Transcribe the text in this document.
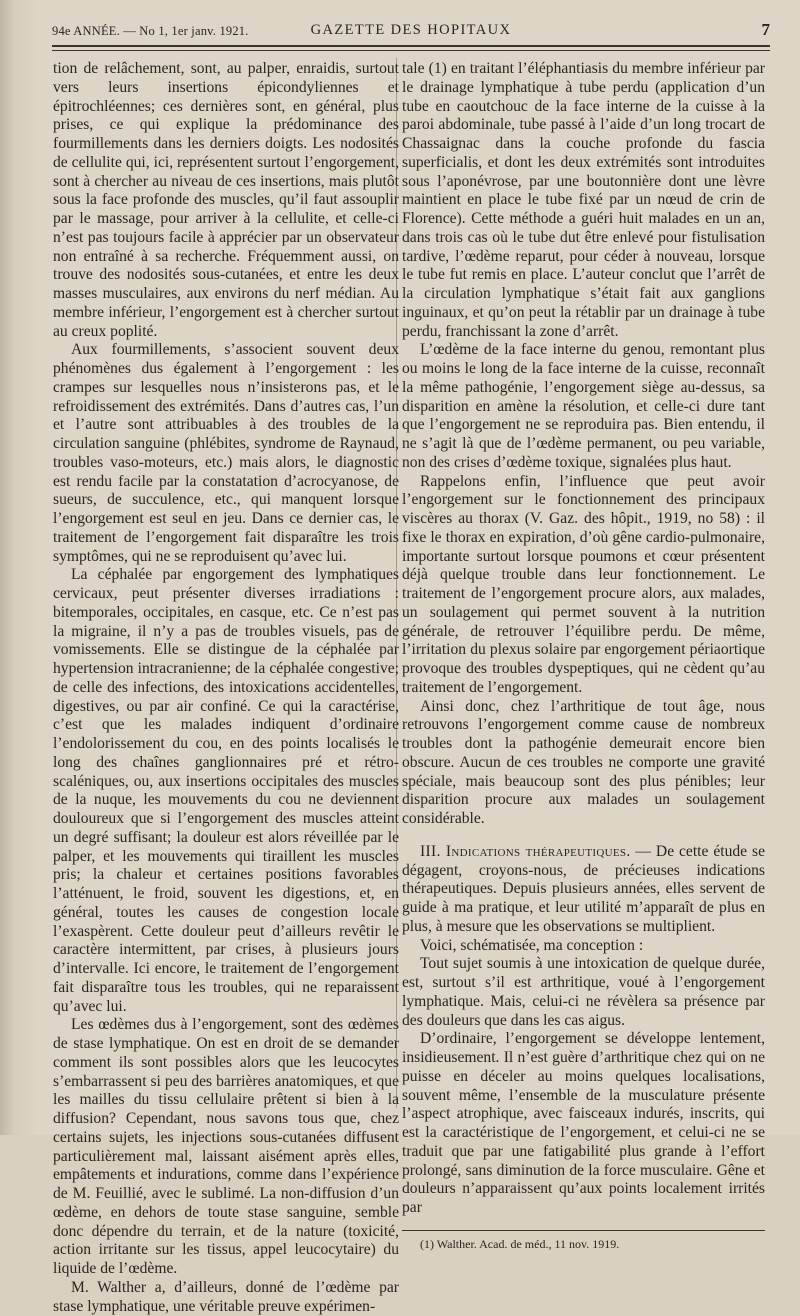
94e ANNÉE. — No 1, 1er janv. 1921.	GAZETTE DES HOPITAUX	7

tion de relâchement, sont, au palper, enraidis, surtout vers leurs insertions épicondyliennes et épitrochléennes; ces dernières sont, en général, plus prises, ce qui explique la prédominance des fourmillements dans les derniers doigts. Les nodosités de cellulite qui, ici, représentent surtout l’engorgement, sont à chercher au niveau de ces insertions, mais plutôt sous la face profonde des muscles, qu’il faut assouplir par le massage, pour arriver à la cellulite, et celle-ci n’est pas toujours facile à apprécier par un observateur non entraîné à sa recherche. Fréquemment aussi, on trouve des nodosités sous-cutanées, et entre les deux masses musculaires, aux environs du nerf médian. Au membre inférieur, l’engorgement est à chercher surtout au creux poplité.

Aux fourmillements, s’associent souvent deux phénomènes dus également à l’engorgement : les crampes sur lesquelles nous n’insisterons pas, et le refroidissement des extrémités. Dans d’autres cas, l’un et l’autre sont attribuables à des troubles de la circulation sanguine (phlébites, syndrome de Raynaud, troubles vaso-moteurs, etc.) mais alors, le diagnostic est rendu facile par la constatation d’acrocyanose, de sueurs, de succulence, etc., qui manquent lorsque l’engorgement est seul en jeu. Dans ce dernier cas, le traitement de l’engorgement fait disparaître les trois symptômes, qui ne se reproduisent qu’avec lui.

La céphalée par engorgement des lymphatiques cervicaux, peut présenter diverses irradiations : bitemporales, occipitales, en casque, etc. Ce n’est pas la migraine, il n’y a pas de troubles visuels, pas de vomissements. Elle se distingue de la céphalée par hypertension intracranienne; de la céphalée congestive; de celle des infections, des intoxications accidentelles, digestives, ou par air confiné. Ce qui la caractérise, c’est que les malades indiquent d’ordinaire l’endolorissement du cou, en des points localisés le long des chaînes ganglionnaires pré et rétro-scaléniques, ou, aux insertions occipitales des muscles de la nuque, les mouvements du cou ne deviennent douloureux que si l’engorgement des muscles atteint un degré suffisant; la douleur est alors réveillée par le palper, et les mouvements qui tiraillent les muscles pris; la chaleur et certaines positions favorables l’atténuent, le froid, souvent les digestions, et, en général, toutes les causes de congestion locale l’exaspèrent. Cette douleur peut d’ailleurs revêtir le caractère intermittent, par crises, à plusieurs jours d’intervalle. Ici encore, le traitement de l’engorgement fait disparaître tous les troubles, qui ne reparaissent qu’avec lui.

Les œdèmes dus à l’engorgement, sont des œdèmes de stase lymphatique. On est en droit de se demander comment ils sont possibles alors que les leucocytes s’embarrassent si peu des barrières anatomiques, et que les mailles du tissu cellulaire prêtent si bien à la diffusion? Cependant, nous savons tous que, chez certains sujets, les injections sous-cutanées diffusent particulièrement mal, laissant aisément après elles, empâtements et indurations, comme dans l’expérience de M. Feuillié, avec le sublimé. La non-diffusion d’un œdème, en dehors de toute stase sanguine, semble donc dépendre du terrain, et de la nature (toxicité, action irritante sur les tissus, appel leucocytaire) du liquide de l’œdème.

M. Walther a, d’ailleurs, donné de l’œdème par stase lymphatique, une véritable preuve expérimen-

tale (1) en traitant l’éléphantiasis du membre inférieur par le drainage lymphatique à tube perdu (application d’un tube en caoutchouc de la face interne de la cuisse à la paroi abdominale, tube passé à l’aide d’un long trocart de Chassaignac dans la couche profonde du fascia superficialis, et dont les deux extrémités sont introduites sous l’aponévrose, par une boutonnière dont une lèvre maintient en place le tube fixé par un nœud de crin de Florence). Cette méthode a guéri huit malades en un an, dans trois cas où le tube dut être enlevé pour fistulisation tardive, l’œdème reparut, pour céder à nouveau, lorsque le tube fut remis en place. L’auteur conclut que l’arrêt de la circulation lymphatique s’était fait aux ganglions inguinaux, et qu’on peut la rétablir par un drainage à tube perdu, franchissant la zone d’arrêt.

L’œdème de la face interne du genou, remontant plus ou moins le long de la face interne de la cuisse, reconnaît la même pathogénie, l’engorgement siège au-dessus, sa disparition en amène la résolution, et celle-ci dure tant que l’engorgement ne se reproduira pas. Bien entendu, il ne s’agit là que de l’œdème permanent, ou peu variable, non des crises d’œdème toxique, signalées plus haut.

Rappelons enfin, l’influence que peut avoir l’engorgement sur le fonctionnement des principaux viscères au thorax (V. Gaz. des hôpit., 1919, no 58) : il fixe le thorax en expiration, d’où gêne cardio-pulmonaire, importante surtout lorsque poumons et cœur présentent déjà quelque trouble dans leur fonctionnement. Le traitement de l’engorgement procure alors, aux malades, un soulagement qui permet souvent à la nutrition générale, de retrouver l’équilibre perdu. De même, l’irritation du plexus solaire par engorgement périaortique provoque des troubles dyspeptiques, qui ne cèdent qu’au traitement de l’engorgement.

Ainsi donc, chez l’arthritique de tout âge, nous retrouvons l’engorgement comme cause de nombreux troubles dont la pathogénie demeurait encore bien obscure. Aucun de ces troubles ne comporte une gravité spéciale, mais beaucoup sont des plus pénibles; leur disparition procure aux malades un soulagement considérable.

III. Indications thérapeutiques. — De cette étude se dégagent, croyons-nous, de précieuses indications thérapeutiques. Depuis plusieurs années, elles servent de guide à ma pratique, et leur utilité m’apparaît de plus en plus, à mesure que les observations se multiplient.

Voici, schématisée, ma conception :

Tout sujet soumis à une intoxication de quelque durée, est, surtout s’il est arthritique, voué à l’engorgement lymphatique. Mais, celui-ci ne révèlera sa présence par des douleurs que dans les cas aigus.

D’ordinaire, l’engorgement se développe lentement, insidieusement. Il n’est guère d’arthritique chez qui on ne puisse en déceler au moins quelques localisations, souvent même, l’ensemble de la musculature présente l’aspect atrophique, avec faisceaux indurés, inscrits, qui est la caractéristique de l’engorgement, et celui-ci ne se traduit que par une fatigabilité plus grande à l’effort prolongé, sans diminution de la force musculaire. Gêne et douleurs n’apparaissent qu’aux points localement irrités par

(1) Walther. Acad. de méd., 11 nov. 1919.
